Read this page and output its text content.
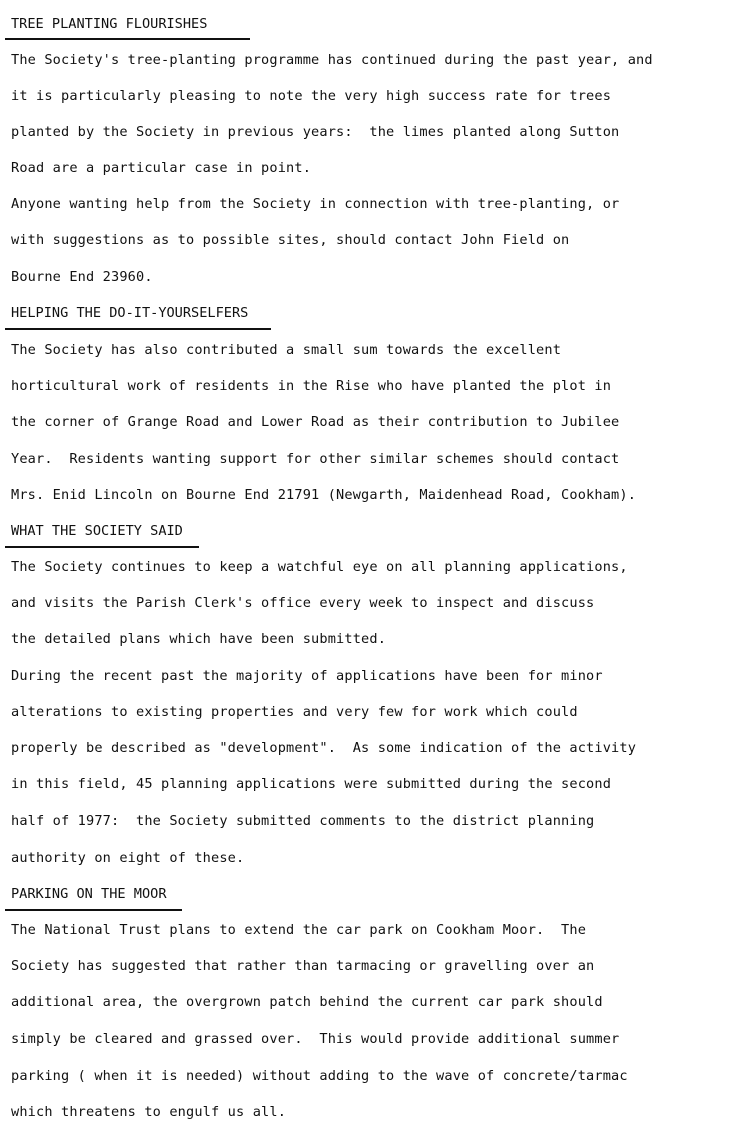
TREE PLANTING FLOURISHES
The Society's tree-planting programme has continued during the past year, and
it is particularly pleasing to note the very high success rate for trees
planted by the Society in previous years:  the limes planted along Sutton
Road are a particular case in point.
Anyone wanting help from the Society in connection with tree-planting, or
with suggestions as to possible sites, should contact John Field on
Bourne End 23960.
HELPING THE DO-IT-YOURSELFERS
The Society has also contributed a small sum towards the excellent
horticultural work of residents in the Rise who have planted the plot in
the corner of Grange Road and Lower Road as their contribution to Jubilee
Year.  Residents wanting support for other similar schemes should contact
Mrs. Enid Lincoln on Bourne End 21791 (Newgarth, Maidenhead Road, Cookham).
WHAT THE SOCIETY SAID
The Society continues to keep a watchful eye on all planning applications,
and visits the Parish Clerk's office every week to inspect and discuss
the detailed plans which have been submitted.
During the recent past the majority of applications have been for minor
alterations to existing properties and very few for work which could
properly be described as "development".  As some indication of the activity
in this field, 45 planning applications were submitted during the second
half of 1977:  the Society submitted comments to the district planning
authority on eight of these.
PARKING ON THE MOOR
The National Trust plans to extend the car park on Cookham Moor.  The
Society has suggested that rather than tarmacing or gravelling over an
additional area, the overgrown patch behind the current car park should
simply be cleared and grassed over.  This would provide additional summer
parking ( when it is needed) without adding to the wave of concrete/tarmac
which threatens to engulf us all.
